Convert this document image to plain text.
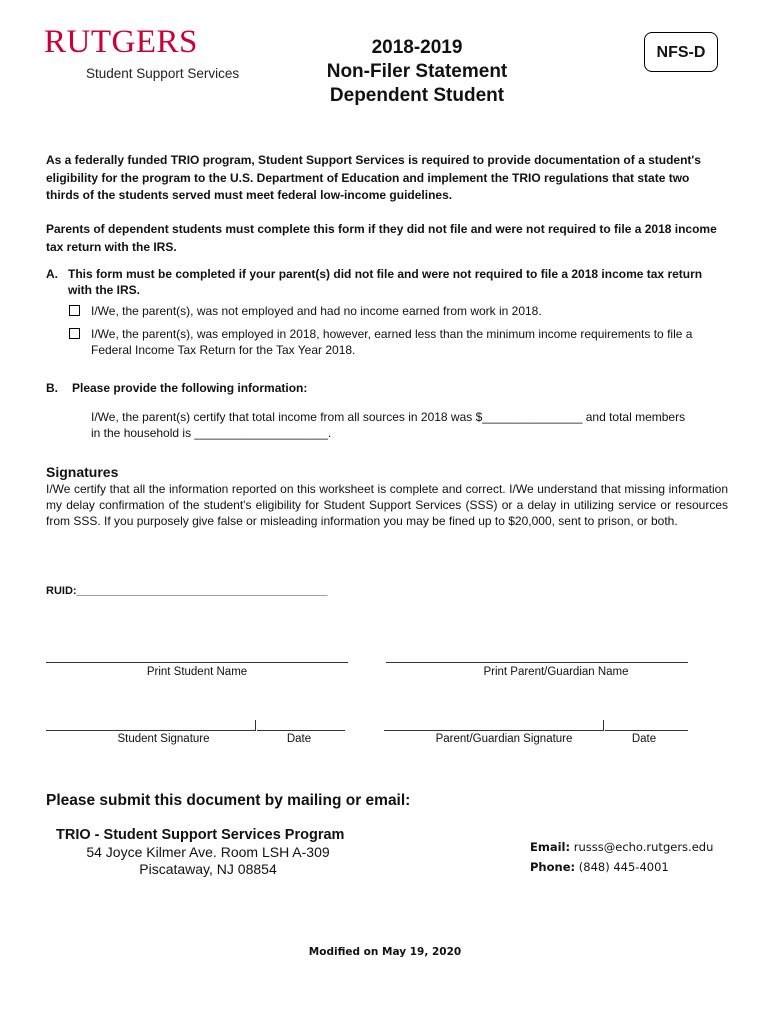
RUTGERS
Student Support Services
2018-2019
Non-Filer Statement
Dependent Student
NFS-D
As a federally funded TRIO program, Student Support Services is required to provide documentation of a student's eligibility for the program to the U.S. Department of Education and implement the TRIO regulations that state two thirds of the students served must meet federal low-income guidelines.
Parents of dependent students must complete this form if they did not file and were not required to file a 2018 income tax return with the IRS.
A. This form must be completed if your parent(s) did not file and were not required to file a 2018 income tax return with the IRS.
I/We, the parent(s), was not employed and had no income earned from work in 2018.
I/We, the parent(s), was employed in 2018, however, earned less than the minimum income requirements to file a Federal Income Tax Return for the Tax Year 2018.
B. Please provide the following information:
I/We, the parent(s) certify that total income from all sources in 2018 was $_______________ and total members
in the household is ____________________.
Signatures
I/We certify that all the information reported on this worksheet is complete and correct. I/We understand that missing information my delay confirmation of the student's eligibility for Student Support Services (SSS) or a delay in utilizing service or resources from SSS. If you purposely give false or misleading information you may be fined up to $20,000, sent to prison, or both.
RUID:_________________________________________
Print Student Name	Print Parent/Guardian Name
Student Signature	Date	Parent/Guardian Signature	Date
Please submit this document by mailing or email:
TRIO - Student Support Services Program
54 Joyce Kilmer Ave. Room LSH A-309
Piscataway, NJ 08854
Email: russs@echo.rutgers.edu
Phone: (848) 445-4001
Modified on May 19, 2020
